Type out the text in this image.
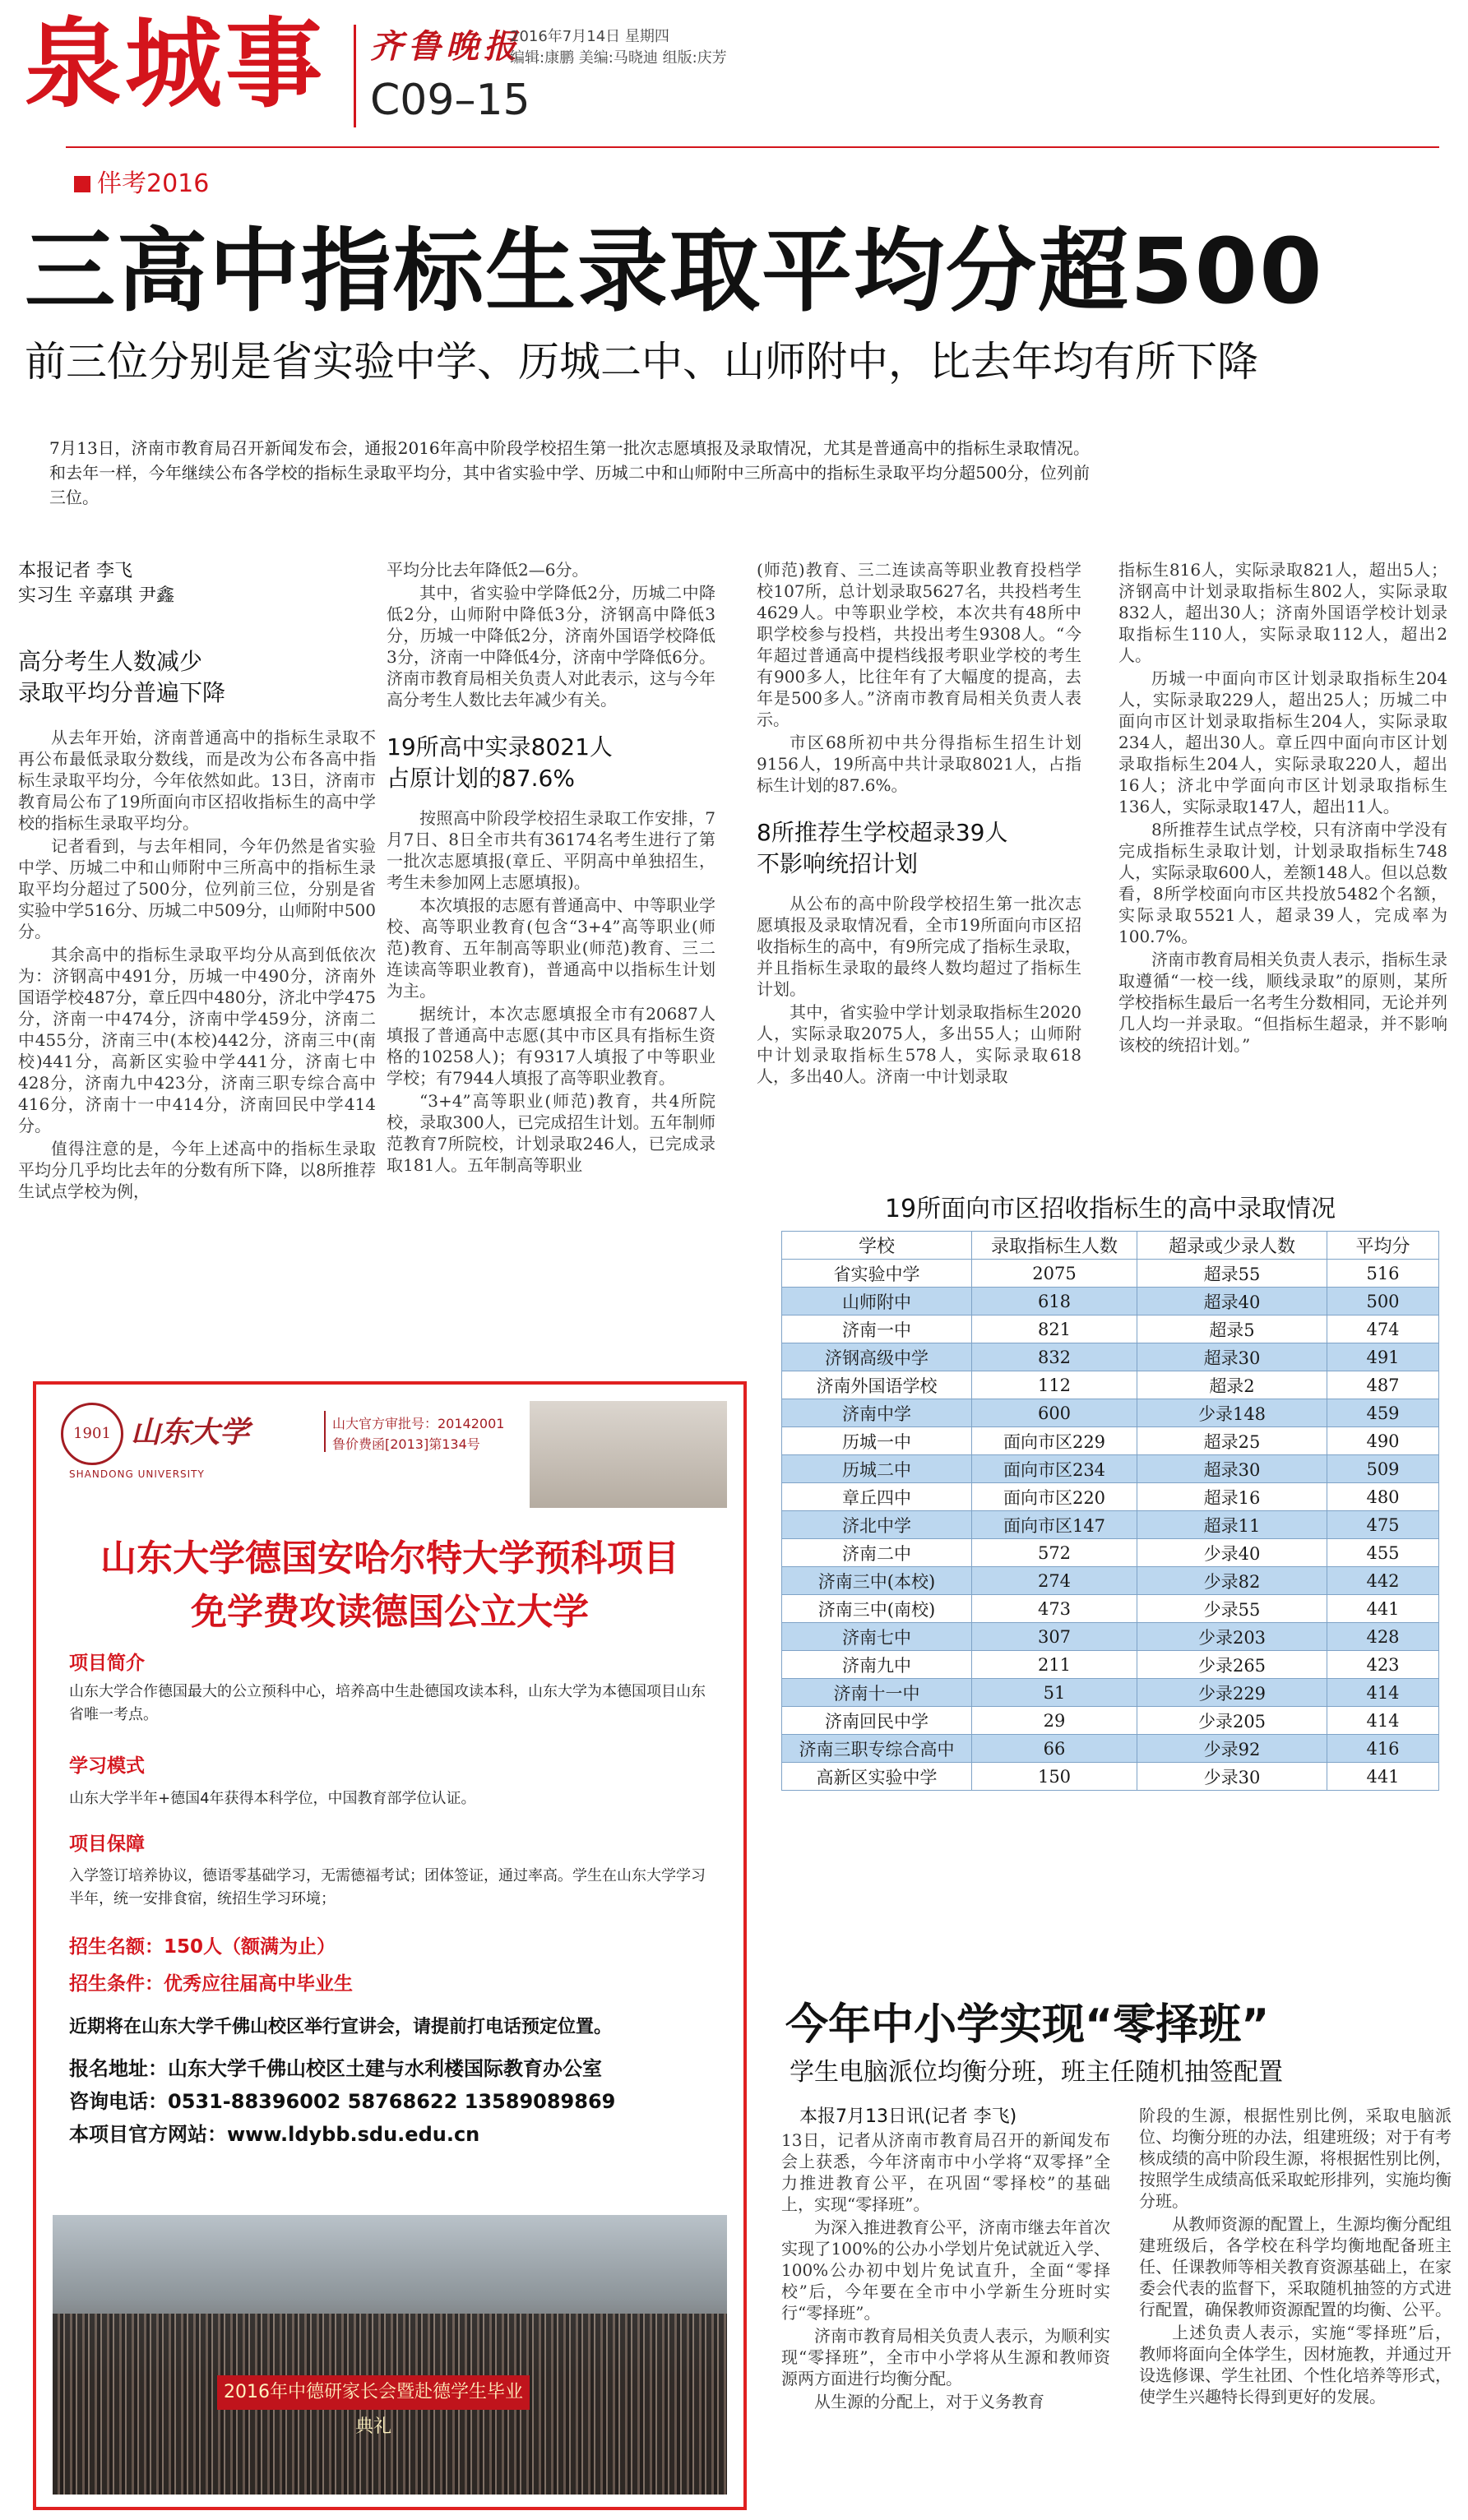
泉城事 齐鲁晚报
C09–15
2016年7月14日 星期四
编辑:康鹏 美编:马晓迪 组版:庆芳
伴考2016
三高中指标生录取平均分超500
前三位分别是省实验中学、历城二中、山师附中，比去年均有所下降
7月13日，济南市教育局召开新闻发布会，通报2016年高中阶段学校招生第一批次志愿填报及录取情况，尤其是普通高中的指标生录取情况。和去年一样，今年继续公布各学校的指标生录取平均分，其中省实验中学、历城二中和山师附中三所高中的指标生录取平均分超500分，位列前三位。
本报记者 李飞
实习生 辛嘉琪 尹鑫
高分考生人数减少
录取平均分普遍下降

从去年开始，济南普通高中的指标生录取不再公布最低录取分数线，而是改为公布各高中指标生录取平均分，今年依然如此。13日，济南市教育局公布了19所面向市区招收指标生的高中学校的指标生录取平均分。

记者看到，与去年相同，今年仍然是省实验中学、历城二中和山师附中三所高中的指标生录取平均分超过了500分，位列前三位，分别是省实验中学516分、历城二中509分，山师附中500分。

其余高中的指标生录取平均分从高到低依次为：济钢高中491分，历城一中490分，济南外国语学校487分，章丘四中480分，济北中学475分，济南一中474分，济南中学459分，济南二中455分，济南三中(本校)442分，济南三中(南校)441分，高新区实验中学441分，济南七中428分，济南九中423分，济南三职专综合高中416分，济南十一中414分，济南回民中学414分。

值得注意的是，今年上述高中的指标生录取平均分几乎均比去年的分数有所下降，以8所推荐生试点学校为例，

平均分比去年降低2—6分。

其中，省实验中学降低2分，历城二中降低2分，山师附中降低3分，济钢高中降低3分，历城一中降低2分，济南外国语学校降低3分，济南一中降低4分，济南中学降低6分。济南市教育局相关负责人对此表示，这与今年高分考生人数比去年减少有关。

19所高中实录8021人
占原计划的87.6%

按照高中阶段学校招生录取工作安排，7月7日、8日全市共有36174名考生进行了第一批次志愿填报(章丘、平阴高中单独招生，考生未参加网上志愿填报)。

本次填报的志愿有普通高中、中等职业学校、高等职业教育(包含“3+4”高等职业(师范)教育、五年制高等职业(师范)教育、三二连读高等职业教育)，普通高中以指标生计划为主。

据统计，本次志愿填报全市有20687人填报了普通高中志愿(其中市区具有指标生资格的10258人)；有9317人填报了中等职业学校；有7944人填报了高等职业教育。

“3+4”高等职业(师范)教育，共4所院校，录取300人，已完成招生计划。五年制师范教育7所院校，计划录取246人，已完成录取181人。五年制高等职业

(师范)教育、三二连读高等职业教育投档学校107所，总计划录取5627名，共投档考生4629人。中等职业学校，本次共有48所中职学校参与投档，共投出考生9308人。“今年超过普通高中提档线报考职业学校的考生有900多人，比往年有了大幅度的提高，去年是500多人。”济南市教育局相关负责人表示。

市区68所初中共分得指标生招生计划9156人，19所高中共计录取8021人，占指标生计划的87.6%。

8所推荐生学校超录39人
不影响统招计划

从公布的高中阶段学校招生第一批次志愿填报及录取情况看，全市19所面向市区招收指标生的高中，有9所完成了指标生录取，并且指标生录取的最终人数均超过了指标生计划。

其中，省实验中学计划录取指标生2020人，实际录取2075人，多出55人；山师附中计划录取指标生578人，实际录取618人，多出40人。济南一中计划录取

指标生816人，实际录取821人，超出5人；济钢高中计划录取指标生802人，实际录取832人，超出30人；济南外国语学校计划录取指标生110人，实际录取112人，超出2人。

历城一中面向市区计划录取指标生204人，实际录取229人，超出25人；历城二中面向市区计划录取指标生204人，实际录取234人，超出30人。章丘四中面向市区计划录取指标生204人，实际录取220人，超出16人；济北中学面向市区计划录取指标生136人，实际录取147人，超出11人。

8所推荐生试点学校，只有济南中学没有完成指标生录取计划，计划录取指标生748人，实际录取600人，差额148人。但以总数看，8所学校面向市区共投放5482个名额，实际录取5521人，超录39人，完成率为100.7%。

济南市教育局相关负责人表示，指标生录取遵循“一校一线，顺线录取”的原则，某所学校指标生最后一名考生分数相同，无论并列几人均一并录取。“但指标生超录，并不影响该校的统招计划。”

19所面向市区招收指标生的高中录取情况
学校	录取指标生人数	超录或少录人数	平均分
省实验中学	2075	超录55	516
山师附中	618	超录40	500
济南一中	821	超录5	474
济钢高级中学	832	超录30	491
济南外国语学校	112	超录2	487
济南中学	600	少录148	459
历城一中	面向市区229	超录25	490
历城二中	面向市区234	超录30	509
章丘四中	面向市区220	超录16	480
济北中学	面向市区147	超录11	475
济南二中	572	少录40	455
济南三中(本校)	274	少录82	442
济南三中(南校)	473	少录55	441
济南七中	307	少录203	428
济南九中	211	少录265	423
济南十一中	51	少录229	414
济南回民中学	29	少录205	414
济南三职专综合高中	66	少录92	416
高新区实验中学	150	少录30	441
1901 山东大学
SHANDONG UNIVERSITY
山大官方审批号：20142001
鲁价费函[2013]第134号
山东大学德国安哈尔特大学预科项目
免学费攻读德国公立大学
项目简介
山东大学合作德国最大的公立预科中心，培养高中生赴德国攻读本科，山东大学为本德国项目山东省唯一考点。
学习模式
山东大学半年+德国4年获得本科学位，中国教育部学位认证。
项目保障
入学签订培养协议，德语零基础学习，无需德福考试；团体签证，通过率高。学生在山东大学学习半年，统一安排食宿，统招生学习环境；
招生名额：150人（额满为止）
招生条件：优秀应往届高中毕业生
近期将在山东大学千佛山校区举行宣讲会，请提前打电话预定位置。
报名地址：山东大学千佛山校区土建与水利楼国际教育办公室
咨询电话：0531-88396002 58768622 13589089869
本项目官方网站：www.ldybb.sdu.edu.cn
2016年中德研家长会暨赴德学生毕业典礼
今年中小学实现“零择班”
学生电脑派位均衡分班，班主任随机抽签配置
本报7月13日讯(记者 李飞)

13日，记者从济南市教育局召开的新闻发布会上获悉，今年济南市中小学将“双零择”全力推进教育公平，在巩固“零择校”的基础上，实现“零择班”。

为深入推进教育公平，济南市继去年首次实现了100%的公办小学划片免试就近入学、100%公办初中划片免试直升，全面“零择校”后，今年要在全市中小学新生分班时实行“零择班”。

济南市教育局相关负责人表示，为顺利实现“零择班”，全市中小学将从生源和教师资源两方面进行均衡分配。

从生源的分配上，对于义务教育

阶段的生源，根据性别比例，采取电脑派位、均衡分班的办法，组建班级；对于有考核成绩的高中阶段生源，将根据性别比例，按照学生成绩高低采取蛇形排列，实施均衡分班。

从教师资源的配置上，生源均衡分配组建班级后，各学校在科学均衡地配备班主任、任课教师等相关教育资源基础上，在家委会代表的监督下，采取随机抽签的方式进行配置，确保教师资源配置的均衡、公平。

上述负责人表示，实施“零择班”后，教师将面向全体学生，因材施教，并通过开设选修课、学生社团、个性化培养等形式，使学生兴趣特长得到更好的发展。
